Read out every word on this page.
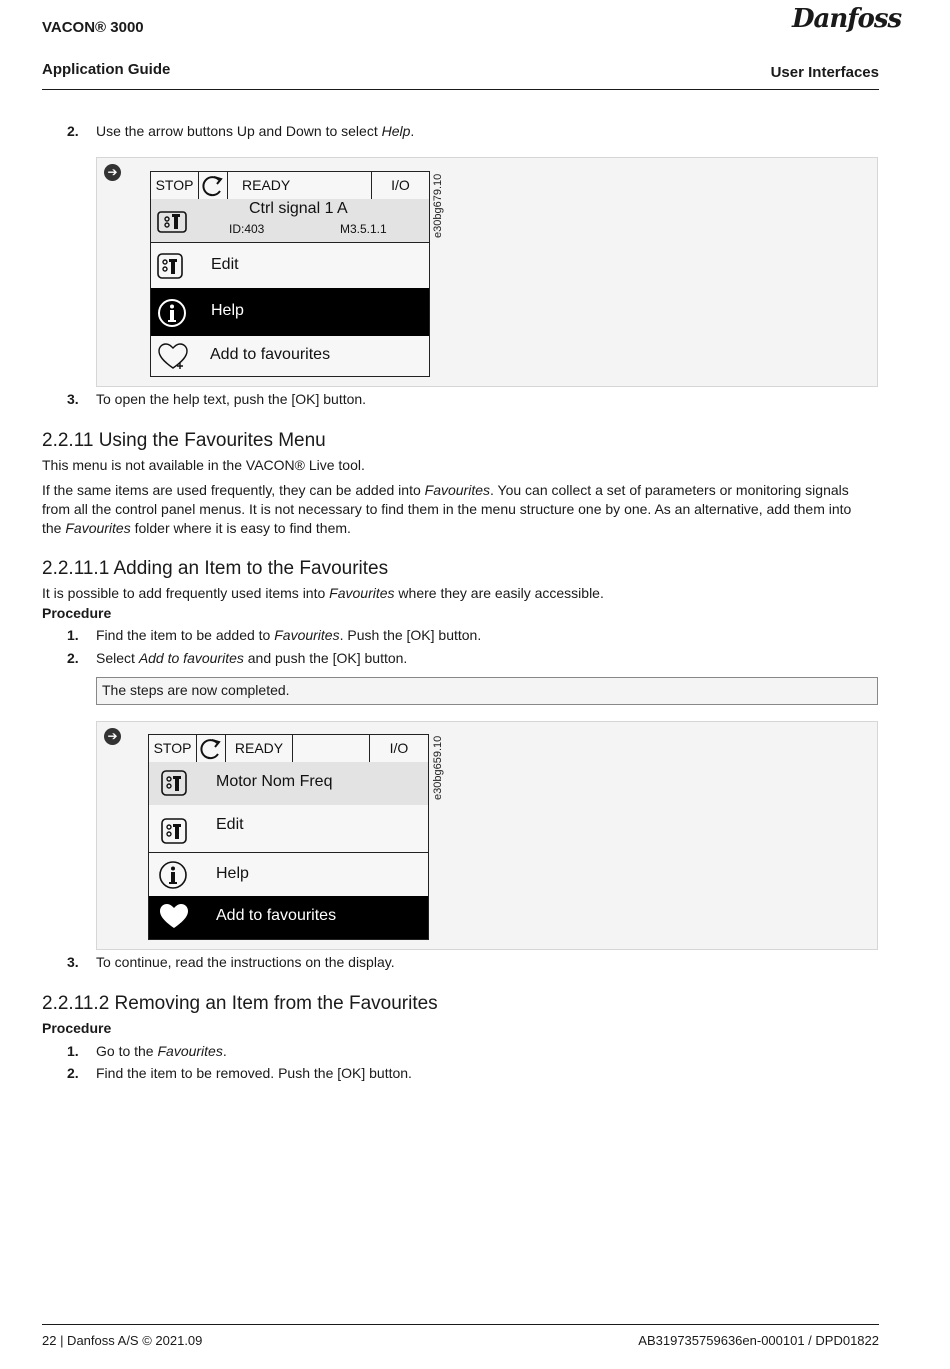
VACON® 3000
Application Guide	User Interfaces
Danfoss
2. Use the arrow buttons Up and Down to select Help.
➔
STOP	READY	I/O
Ctrl signal 1 A
ID:403	M3.5.1.1
Edit
Help
Add to favourites
e30bg679.10
3. To open the help text, push the [OK] button.
2.2.11 Using the Favourites Menu
This menu is not available in the VACON® Live tool.
If the same items are used frequently, they can be added into Favourites. You can collect a set of parameters or monitoring signals
from all the control panel menus. It is not necessary to find them in the menu structure one by one. As an alternative, add them into
the Favourites folder where it is easy to find them.
2.2.11.1 Adding an Item to the Favourites
It is possible to add frequently used items into Favourites where they are easily accessible.
Procedure
1. Find the item to be added to Favourites. Push the [OK] button.
2. Select Add to favourites and push the [OK] button.
The steps are now completed.
➔
STOP	READY	I/O
Motor Nom Freq
Edit
Help
Add to favourites
e30bg659.10
3. To continue, read the instructions on the display.
2.2.11.2 Removing an Item from the Favourites
Procedure
1. Go to the Favourites.
2. Find the item to be removed. Push the [OK] button.
22 | Danfoss A/S © 2021.09	AB319735759636en-000101 / DPD01822
